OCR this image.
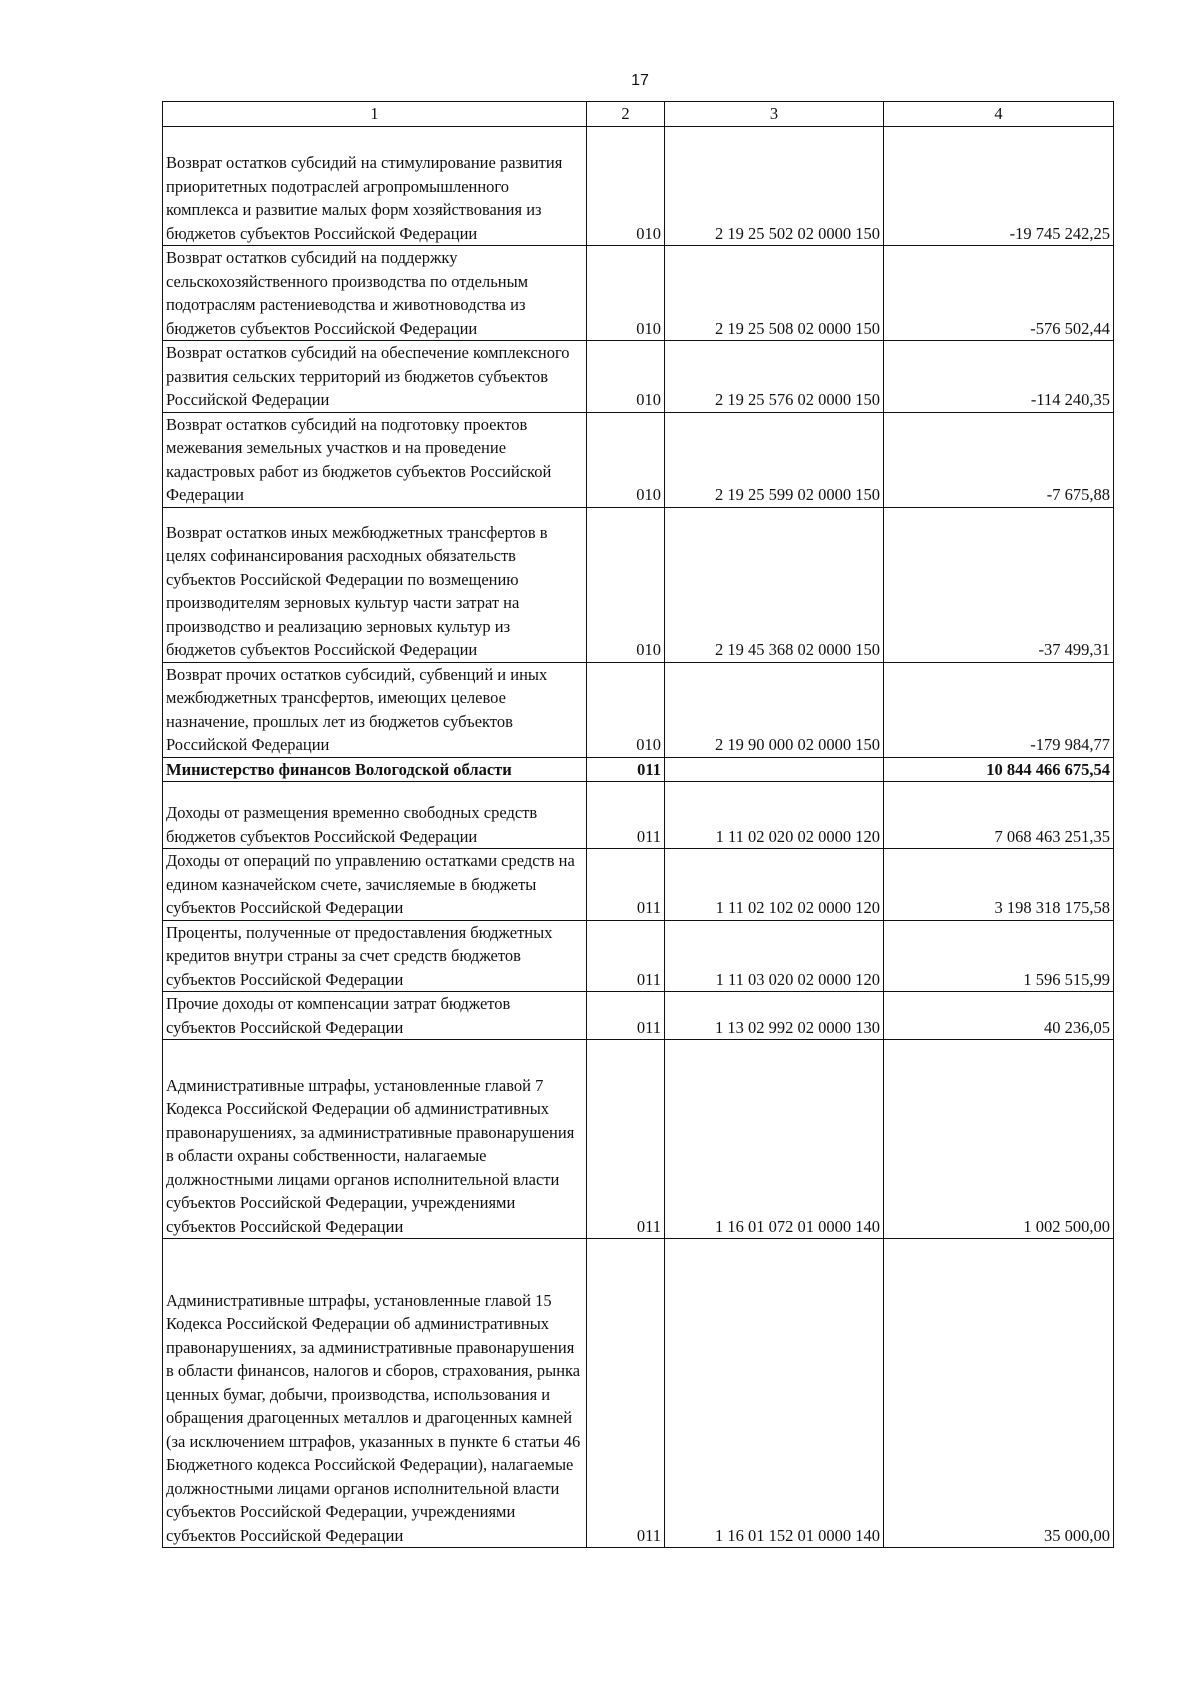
17
1	2	3	4
Возврат остатков субсидий на стимулирование развития приоритетных подотраслей агропромышленного комплекса и развитие малых форм хозяйствования из бюджетов субъектов Российской Федерации	010	2 19 25 502 02 0000 150	-19 745 242,25
Возврат остатков субсидий на поддержку сельскохозяйственного производства по отдельным подотраслям растениеводства и животноводства из бюджетов субъектов Российской Федерации	010	2 19 25 508 02 0000 150	-576 502,44
Возврат остатков субсидий на обеспечение комплексного развития сельских территорий из бюджетов субъектов Российской Федерации	010	2 19 25 576 02 0000 150	-114 240,35
Возврат остатков субсидий на подготовку проектов межевания земельных участков и на проведение кадастровых работ из бюджетов субъектов Российской Федерации	010	2 19 25 599 02 0000 150	-7 675,88
Возврат остатков иных межбюджетных трансфертов в целях софинансирования расходных обязательств субъектов Российской Федерации по возмещению производителям зерновых культур части затрат на производство и реализацию зерновых культур из бюджетов субъектов Российской Федерации	010	2 19 45 368 02 0000 150	-37 499,31
Возврат прочих остатков субсидий, субвенций и иных межбюджетных трансфертов, имеющих целевое назначение, прошлых лет из бюджетов субъектов Российской Федерации	010	2 19 90 000 02 0000 150	-179 984,77
Министерство финансов Вологодской области	011		10 844 466 675,54
Доходы от размещения временно свободных средств бюджетов субъектов Российской Федерации	011	1 11 02 020 02 0000 120	7 068 463 251,35
Доходы от операций по управлению остатками средств на едином казначейском счете, зачисляемые в бюджеты субъектов Российской Федерации	011	1 11 02 102 02 0000 120	3 198 318 175,58
Проценты, полученные от предоставления бюджетных кредитов внутри страны за счет средств бюджетов субъектов Российской Федерации	011	1 11 03 020 02 0000 120	1 596 515,99
Прочие доходы от компенсации затрат бюджетов субъектов Российской Федерации	011	1 13 02 992 02 0000 130	40 236,05
Административные штрафы, установленные главой 7 Кодекса Российской Федерации об административных правонарушениях, за административные правонарушения в области охраны собственности, налагаемые должностными лицами органов исполнительной власти субъектов Российской Федерации, учреждениями субъектов Российской Федерации	011	1 16 01 072 01 0000 140	1 002 500,00
Административные штрафы, установленные главой 15 Кодекса Российской Федерации об административных правонарушениях, за административные правонарушения в области финансов, налогов и сборов, страхования, рынка ценных бумаг, добычи, производства, использования и обращения драгоценных металлов и драгоценных камней (за исключением штрафов, указанных в пункте 6 статьи 46 Бюджетного кодекса Российской Федерации), налагаемые должностными лицами органов исполнительной власти субъектов Российской Федерации, учреждениями субъектов Российской Федерации	011	1 16 01 152 01 0000 140	35 000,00
